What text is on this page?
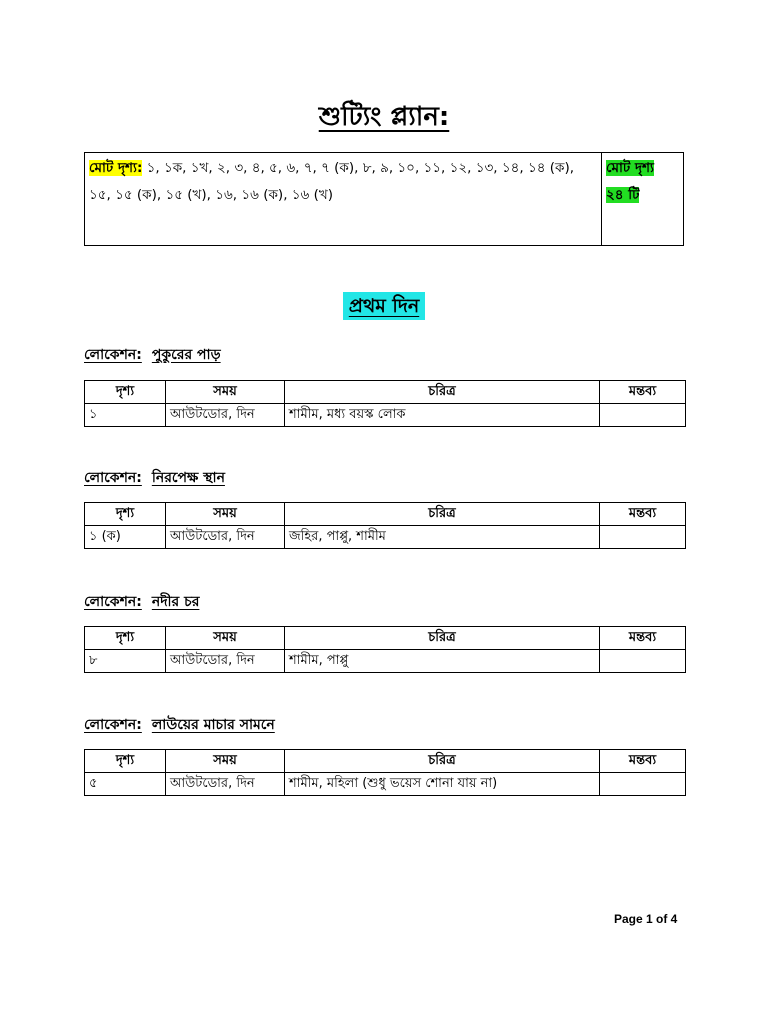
শুট্যিং প্ল্যান:
মোট দৃশ্য: ১, ১ক, ১খ, ২, ৩, ৪, ৫, ৬, ৭, ৭ (ক), ৮, ৯, ১০, ১১, ১২, ১৩, ১৪, ১৪ (ক), ১৫, ১৫ (ক), ১৫ (খ), ১৬, ১৬ (ক), ১৬ (খ)	মোট দৃশ্য
২৪ টি
প্রথম দিন
লোকেশন: পুকুরের পাড়
দৃশ্য	সময়	চরিত্র	মন্তব্য
১	আউটডোর, দিন	শামীম, মধ্য বয়স্ক লোক	
লোকেশন: নিরপেক্ষ স্থান
দৃশ্য	সময়	চরিত্র	মন্তব্য
১ (ক)	আউটডোর, দিন	জহির, পাপ্পু, শামীম	
লোকেশন: নদীর চর
দৃশ্য	সময়	চরিত্র	মন্তব্য
৮	আউটডোর, দিন	শামীম, পাপ্পু	
লোকেশন: লাউয়ের মাচার সামনে
দৃশ্য	সময়	চরিত্র	মন্তব্য
৫	আউটডোর, দিন	শামীম, মহিলা (শুধু ভয়েস শোনা যায় না)	
Page 1 of 4
